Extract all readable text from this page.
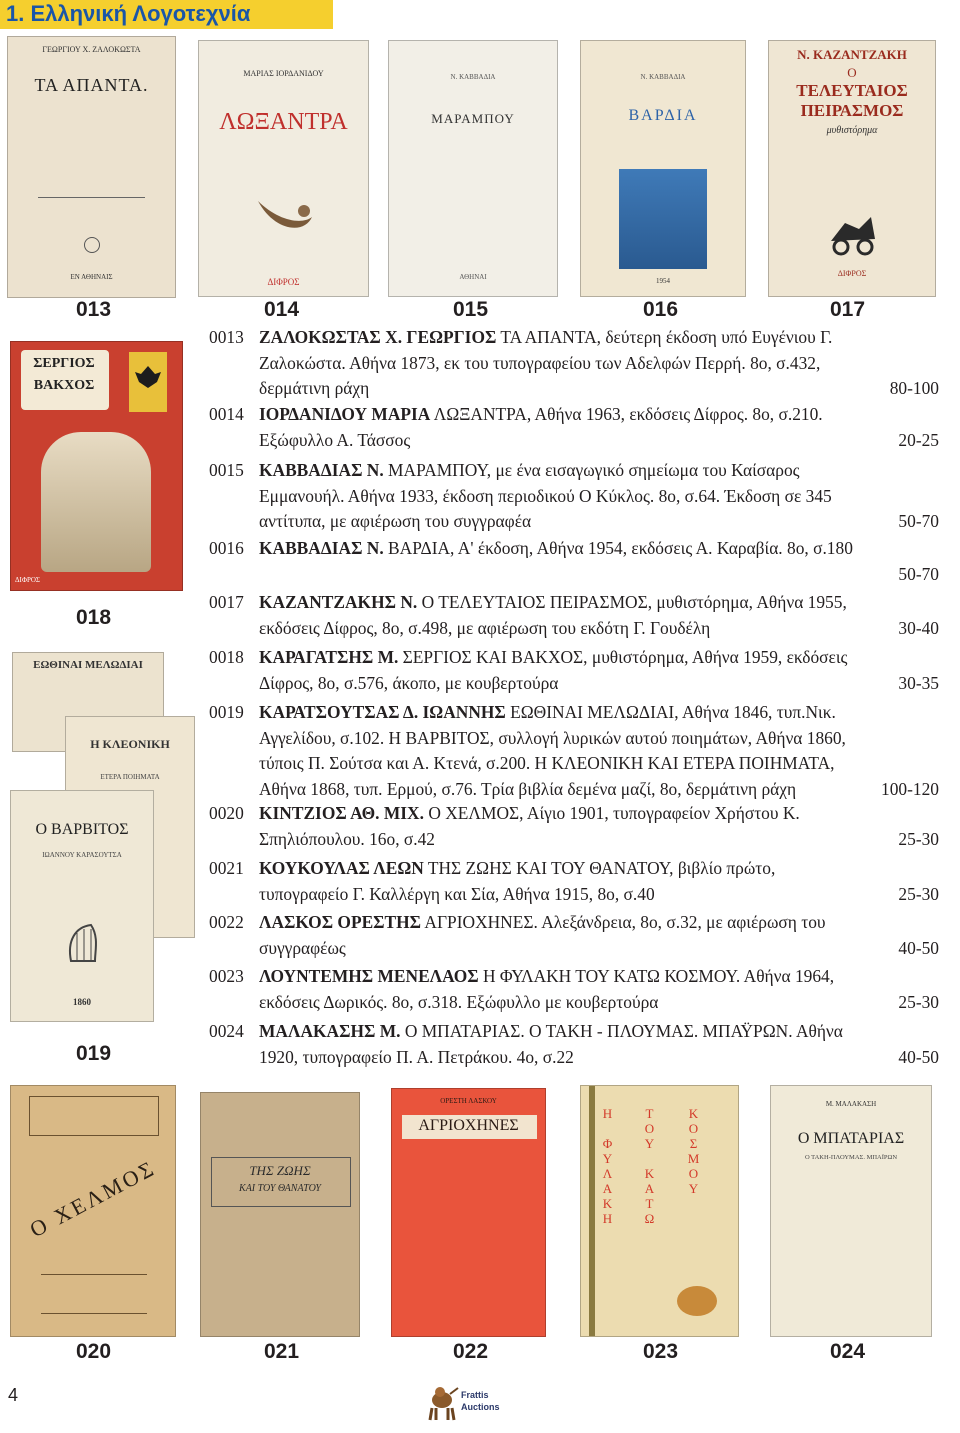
1. Ελληνική Λογοτεχνία
ΓΕΩΡΓΙΟΥ Χ. ΖΑΛΟΚΩΣΤΑ
ΤΑ ΑΠΑΝΤΑ.
ΕΝ ΑΘΗΝΑΙΣ
ΜΑΡΙΑΣ ΙΟΡΔΑΝΙΔΟΥ
ΛΩΞΑΝΤΡΑ
ΔΙΦΡΟΣ
Ν. ΚΑΒΒΑΔΙΑ
ΜΑΡΑΜΠΟΥ
ΑΘΗΝΑΙ
Ν. ΚΑΒΒΑΔΙΑ
ΒΑΡΔΙΑ
1954
Ν. ΚΑΖΑΝΤΖΑΚΗ
Ο
ΤΕΛΕΥΤΑΙΟΣ
ΠΕΙΡΑΣΜΟΣ
μυθιστόρημα
ΔΙΦΡΟΣ
013	014	015	016	017
ΣΕΡΓΙΟΣ
ΒΑΚΧΟΣ
ΔΙΦΡΟΣ
018
ΕΩΘΙΝΑΙ ΜΕΛΩΔΙΑΙ
Η ΚΛΕΟΝΙΚΗ
ΕΤΕΡΑ ΠΟΙΗΜΑΤΑ
Ο ΒΑΡΒΙΤΟΣ
ΙΩΑΝΝΟΥ ΚΑΡΑΣΟΥΤΣΑ
1860
019
0013 ΖΑΛΟΚΩΣΤΑΣ Χ. ΓΕΩΡΓΙΟΣ ΤΑ ΑΠΑΝΤΑ, δεύτερη έκδοση υπό Ευγένιου Γ.
Ζαλοκώστα. Αθήνα 1873, εκ του τυπογραφείου των Αδελφών Περρή. 8ο, σ.432,
δερμάτινη ράχη	80-100
0014 ΙΟΡΔΑΝΙΔΟΥ ΜΑΡΙΑ ΛΩΞΑΝΤΡΑ, Αθήνα 1963, εκδόσεις Δίφρος. 8ο, σ.210.
Εξώφυλλο Α. Τάσσος	20-25
0015 ΚΑΒΒΑΔΙΑΣ Ν. ΜΑΡΑΜΠΟΥ, με ένα εισαγωγικό σημείωμα του Καίσαρος
Εμμανουήλ. Αθήνα 1933, έκδοση περιοδικού Ο Κύκλος. 8ο, σ.64. Έκδοση σε 345
αντίτυπα, με αφιέρωση του συγγραφέα	50-70
0016 ΚΑΒΒΑΔΙΑΣ Ν. ΒΑΡΔΙΑ, Α' έκδοση, Αθήνα 1954, εκδόσεις Α. Καραβία. 8ο, σ.180
50-70
0017 ΚΑΖΑΝΤΖΑΚΗΣ Ν. Ο ΤΕΛΕΥΤΑΙΟΣ ΠΕΙΡΑΣΜΟΣ, μυθιστόρημα, Αθήνα 1955,
εκδόσεις Δίφρος, 8ο, σ.498, με αφιέρωση του εκδότη Γ. Γουδέλη	30-40
0018 ΚΑΡΑΓΑΤΣΗΣ Μ. ΣΕΡΓΙΟΣ ΚΑΙ ΒΑΚΧΟΣ, μυθιστόρημα, Αθήνα 1959, εκδόσεις
Δίφρος, 8ο, σ.576, άκοπο, με κουβερτούρα	30-35
0019 ΚΑΡΑΤΣΟΥΤΣΑΣ Δ. ΙΩΑΝΝΗΣ ΕΩΘΙΝΑΙ ΜΕΛΩΔΙΑΙ, Αθήνα 1846, τυπ.Νικ.
Αγγελίδου, σ.102. Η ΒΑΡΒΙΤΟΣ, συλλογή λυρικών αυτού ποιημάτων, Αθήνα 1860,
τύποις Π. Σούτσα και Α. Κτενά, σ.200. Η ΚΛΕΟΝΙΚΗ ΚΑΙ ΕΤΕΡΑ ΠΟΙΗΜΑΤΑ,
Αθήνα 1868, τυπ. Ερμού, σ.76. Τρία βιβλία δεμένα μαζί, 8ο, δερμάτινη ράχη	100-120
0020 ΚΙΝΤΖΙΟΣ ΑΘ. ΜΙΧ. Ο ΧΕΛΜΟΣ, Αίγιο 1901, τυπογραφείον Χρήστου Κ.
Σπηλιόπουλου. 16ο, σ.42	25-30
0021 ΚΟΥΚΟΥΛΑΣ ΛΕΩΝ ΤΗΣ ΖΩΗΣ ΚΑΙ ΤΟΥ ΘΑΝΑΤΟΥ, βιβλίο πρώτο,
τυπογραφείο Γ. Καλλέργη και Σία, Αθήνα 1915, 8ο, σ.40	25-30
0022 ΛΑΣΚΟΣ ΟΡΕΣΤΗΣ ΑΓΡΙΟΧΗΝΕΣ. Αλεξάνδρεια, 8ο, σ.32, με αφιέρωση του
συγγραφέως	40-50
0023 ΛΟΥΝΤΕΜΗΣ ΜΕΝΕΛΑΟΣ Η ΦΥΛΑΚΗ ΤΟΥ ΚΑΤΩ ΚΟΣΜΟΥ. Αθήνα 1964,
εκδόσεις Δωρικός. 8ο, σ.318. Εξώφυλλο με κουβερτούρα	25-30
0024 ΜΑΛΑΚΑΣΗΣ Μ. Ο ΜΠΑΤΑΡΙΑΣ. Ο ΤΑΚΗ - ΠΛΟΥΜΑΣ. ΜΠΑΫΡΩΝ. Αθήνα
1920, τυπογραφείο Π. Α. Πετράκου. 4ο, σ.22	40-50
Ο ΧΕΛΜΟΣ	ΤΗΣ ΖΩΗΣ
ΚΑΙ ΤΟΥ ΘΑΝΑΤΟΥ
ΟΡΕΣΤΗ ΛΑΣΚΟΥ
ΑΓΡΙΟΧΗΝΕΣ	Η ΦΥΛΑΚΗ ΤΟΥ ΚΑΤΩ ΚΟΣΜΟΥ
Μ. ΜΑΛΑΚΑΣΗ
Ο ΜΠΑΤΑΡΙΑΣ
Ο ΤΑΚΗ-ΠΛΟΥΜΑΣ. ΜΠΑΪΡΩΝ
020	021	022	023	024
4	Frattis
Auctions
